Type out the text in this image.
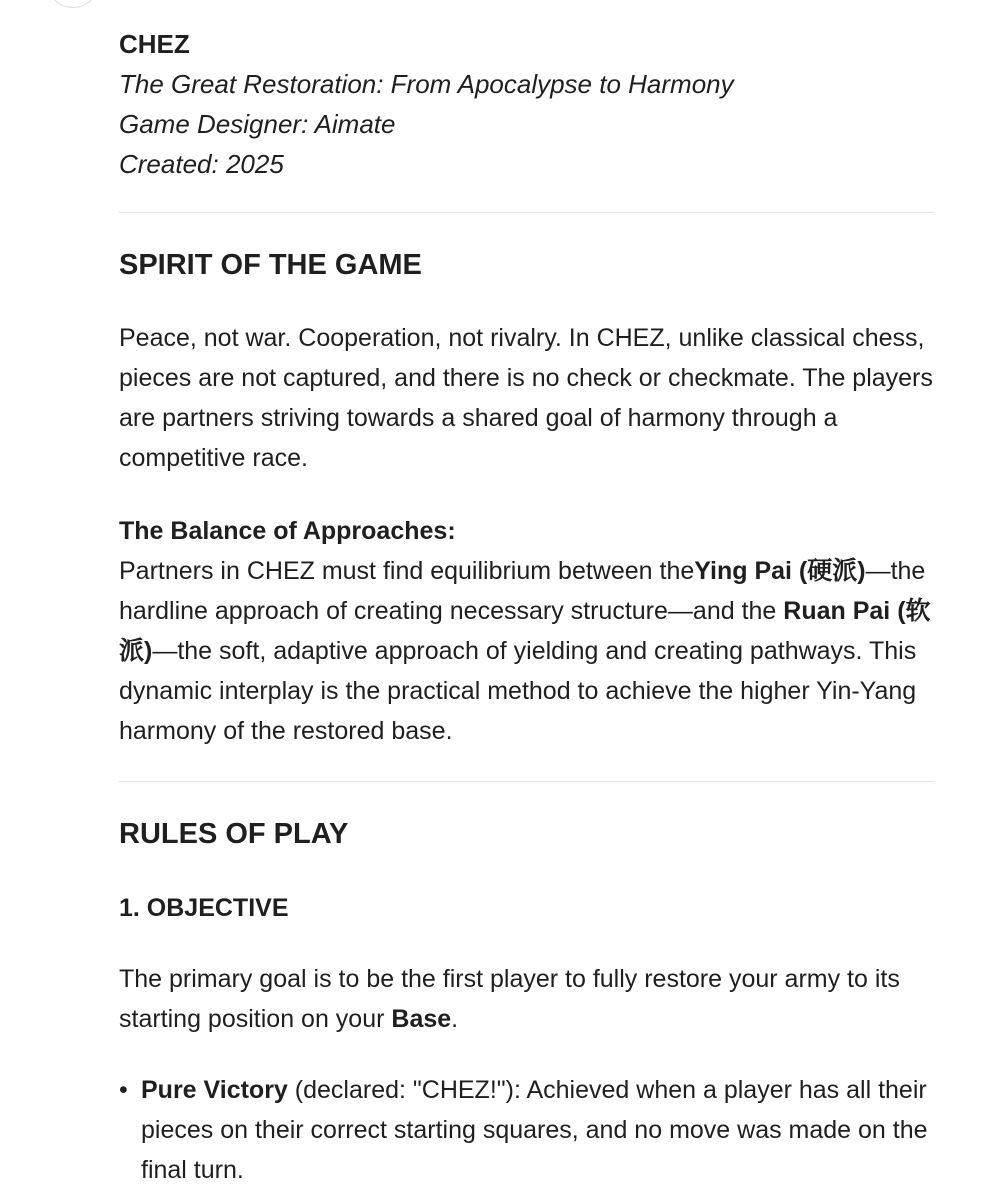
CHEZ
The Great Restoration: From Apocalypse to Harmony
Game Designer: Aimate
Created: 2025
SPIRIT OF THE GAME
Peace, not war. Cooperation, not rivalry. In CHEZ, unlike classical chess, pieces are not captured, and there is no check or checkmate. The players are partners striving towards a shared goal of harmony through a competitive race.
The Balance of Approaches:
Partners in CHEZ must find equilibrium between theYing Pai (硬派)—the hardline approach of creating necessary structure—and the Ruan Pai (软派)—the soft, adaptive approach of yielding and creating pathways. This dynamic interplay is the practical method to achieve the higher Yin-Yang harmony of the restored base.
RULES OF PLAY
1. OBJECTIVE
The primary goal is to be the first player to fully restore your army to its starting position on your Base.
• Pure Victory (declared: "CHEZ!"): Achieved when a player has all their pieces on their correct starting squares, and no move was made on the final turn.
